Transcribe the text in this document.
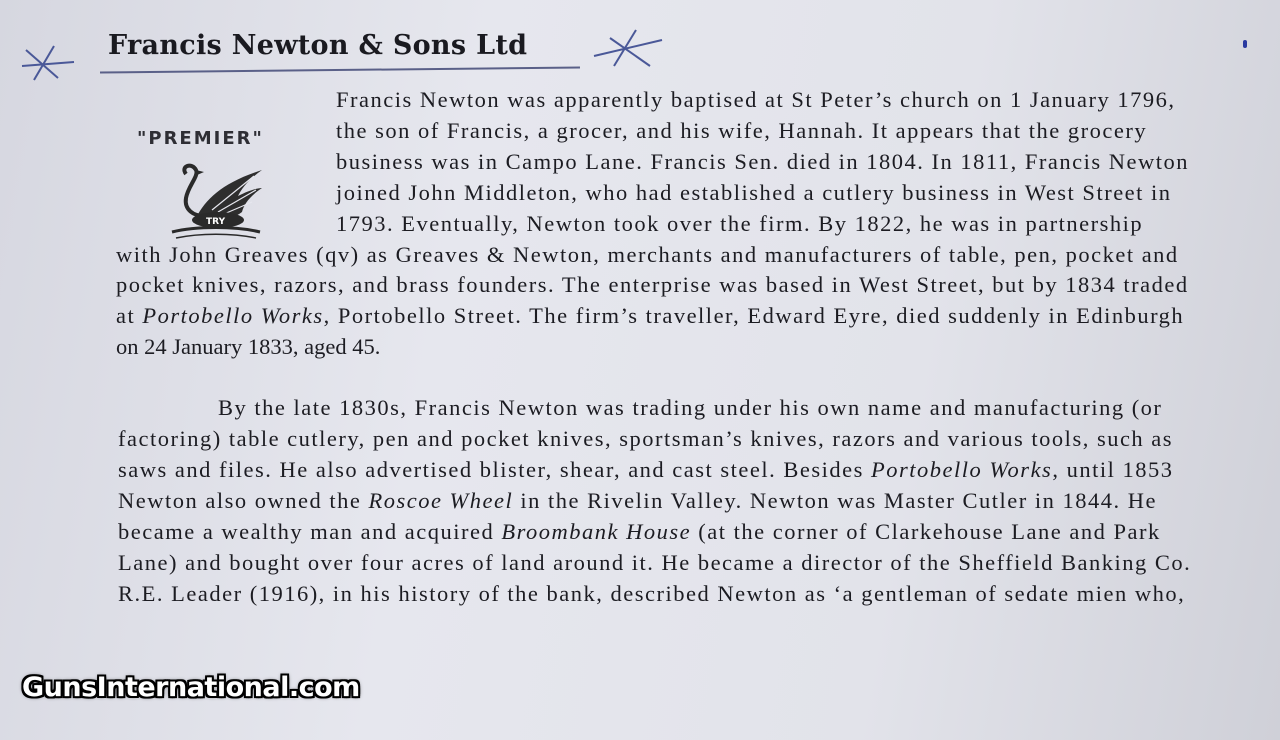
Francis Newton & Sons Ltd
"PREMIER"
TRY

Francis Newton was apparently baptised at St Peter’s church on 1 January 1796,

the son of Francis, a grocer, and his wife, Hannah. It appears that the grocery

business was in Campo Lane. Francis Sen. died in 1804. In 1811, Francis Newton

joined John Middleton, who had established a cutlery business in West Street in

1793. Eventually, Newton took over the firm. By 1822, he was in partnership

with John Greaves (qv) as Greaves & Newton, merchants and manufacturers of table, pen, pocket and

pocket knives, razors, and brass founders. The enterprise was based in West Street, but by 1834 traded

at Portobello Works, Portobello Street. The firm’s traveller, Edward Eyre, died suddenly in Edinburgh

on 24 January 1833, aged 45.

By the late 1830s, Francis Newton was trading under his own name and manufacturing (or

factoring) table cutlery, pen and pocket knives, sportsman’s knives, razors and various tools, such as

saws and files. He also advertised blister, shear, and cast steel. Besides Portobello Works, until 1853

Newton also owned the Roscoe Wheel in the Rivelin Valley. Newton was Master Cutler in 1844. He

became a wealthy man and acquired Broombank House (at the corner of Clarkehouse Lane and Park

Lane) and bought over four acres of land around it. He became a director of the Sheffield Banking Co.

R.E. Leader (1916), in his history of the bank, described Newton as ‘a gentleman of sedate mien who,

GunsInternational.com
